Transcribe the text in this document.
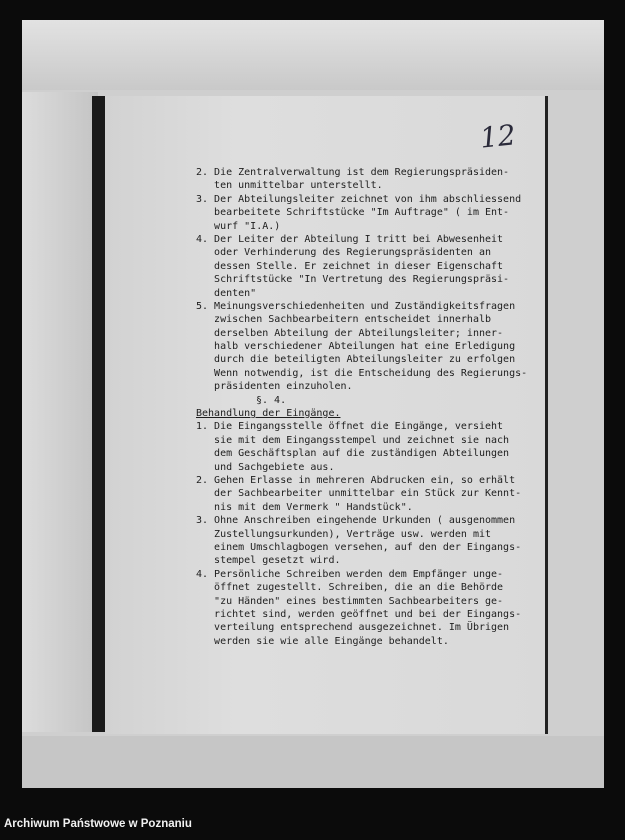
12
2. Die Zentralverwaltung ist dem Regierungspräsiden-
ten unmittelbar unterstellt.
3. Der Abteilungsleiter zeichnet von ihm abschliessend
bearbeitete Schriftstücke "Im Auftrage" ( im Ent-
wurf "I.A.)
4. Der Leiter der Abteilung I tritt bei Abwesenheit
oder Verhinderung des Regierungspräsidenten an
dessen Stelle. Er zeichnet in dieser Eigenschaft
Schriftstücke "In Vertretung des Regierungspräsi-
denten"
5. Meinungsverschiedenheiten und Zuständigkeitsfragen
zwischen Sachbearbeitern entscheidet innerhalb
derselben Abteilung der Abteilungsleiter; inner-
halb verschiedener Abteilungen hat eine Erledigung
durch die beteiligten Abteilungsleiter zu erfolgen
Wenn notwendig, ist die Entscheidung des Regierungs-
präsidenten einzuholen.
§. 4.
Behandlung der Eingänge.
1. Die Eingangsstelle öffnet die Eingänge, versieht
sie mit dem Eingangsstempel und zeichnet sie nach
dem Geschäftsplan auf die zuständigen Abteilungen
und Sachgebiete aus.
2. Gehen Erlasse in mehreren Abdrucken ein, so erhält
der Sachbearbeiter unmittelbar ein Stück zur Kennt-
nis mit dem Vermerk " Handstück".
3. Ohne Anschreiben eingehende Urkunden ( ausgenommen
Zustellungsurkunden), Verträge usw. werden mit
einem Umschlagbogen versehen, auf den der Eingangs-
stempel gesetzt wird.
4. Persönliche Schreiben werden dem Empfänger unge-
öffnet zugestellt. Schreiben, die an die Behörde
"zu Händen" eines bestimmten Sachbearbeiters ge-
richtet sind, werden geöffnet und bei der Eingangs-
verteilung entsprechend ausgezeichnet. Im Übrigen
werden sie wie alle Eingänge behandelt.
Archiwum Państwowe w Poznaniu
